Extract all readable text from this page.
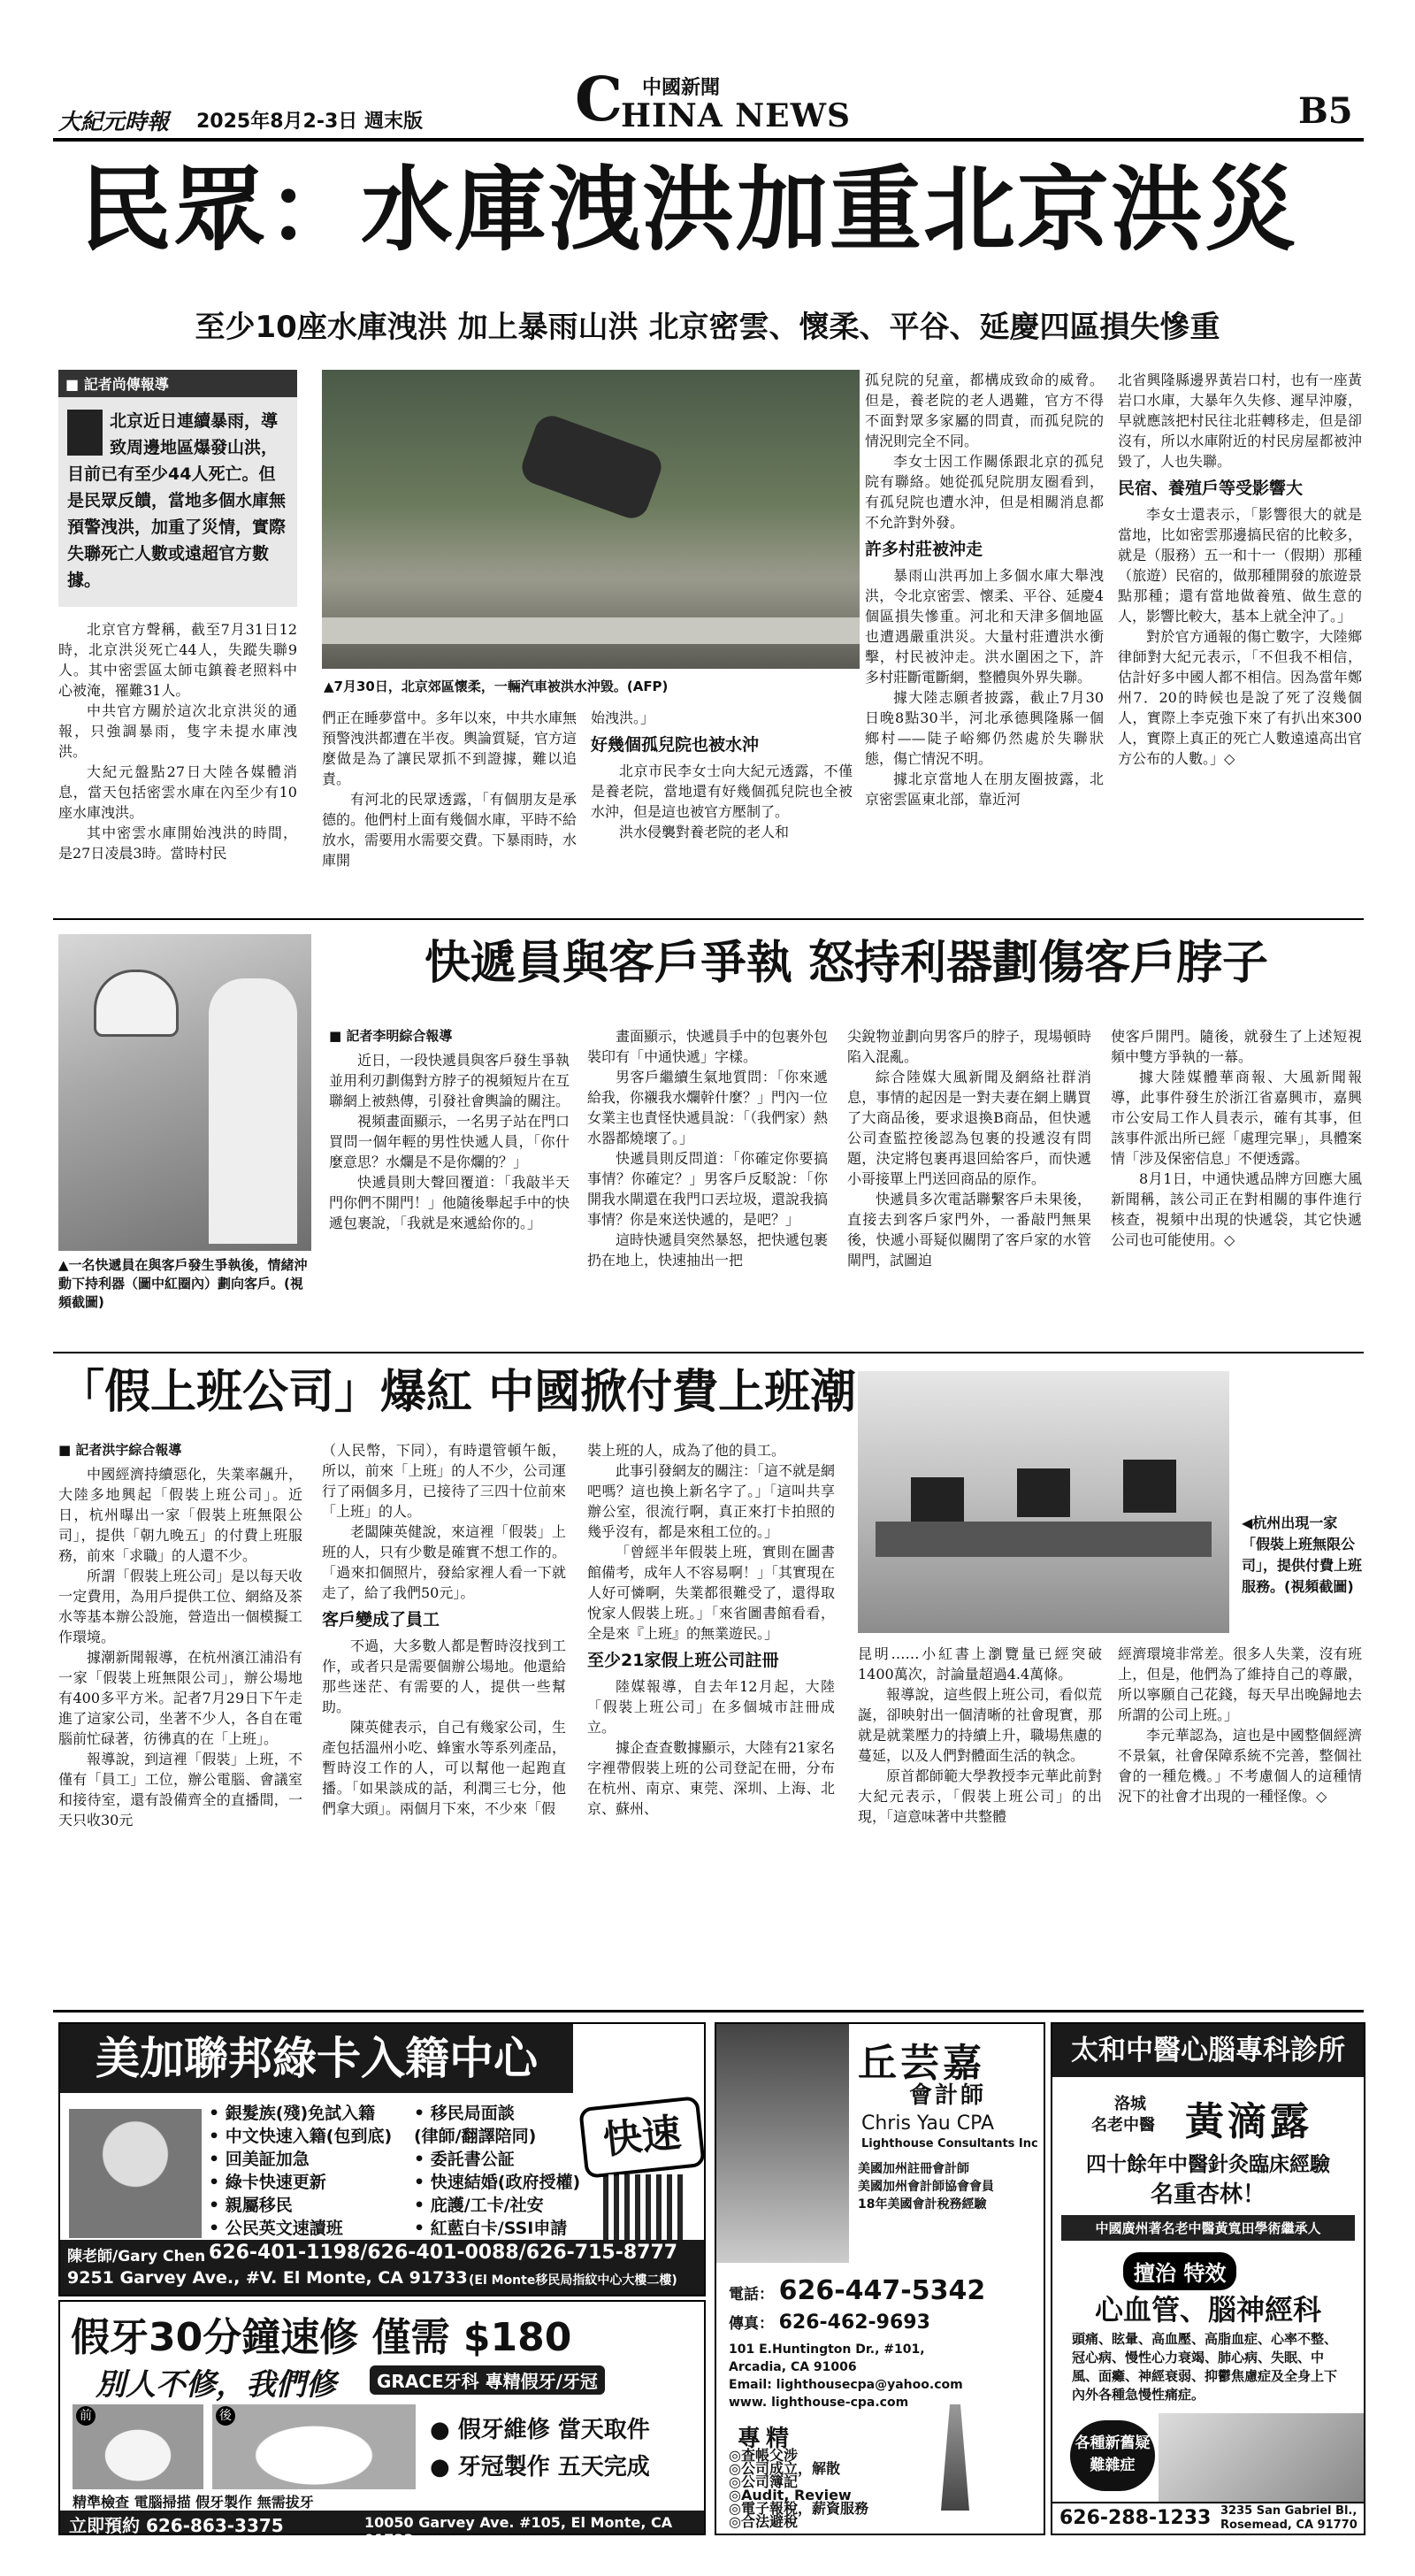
大紀元時報 2025年8月2-3日 週末版	C 中國新聞
HINA NEWS	B5
民眾：水庫洩洪加重北京洪災
至少10座水庫洩洪 加上暴雨山洪 北京密雲、懷柔、平谷、延慶四區損失慘重
■ 記者尚傳報導
北京近日連續暴雨，導致周邊地區爆發山洪，目前已有至少44人死亡。但是民眾反饋，當地多個水庫無預警洩洪，加重了災情，實際失聯死亡人數或遠超官方數據。
▲7月30日，北京郊區懷柔，一輛汽車被洪水沖毀。(AFP)

北京官方聲稱，截至7月31日12時，北京洪災死亡44人，失蹤失聯9人。其中密雲區太師屯鎮養老照料中心被淹，罹難31人。

中共官方關於這次北京洪災的通報，只強調暴雨，隻字未提水庫洩洪。

大紀元盤點27日大陸各媒體消息，當天包括密雲水庫在內至少有10座水庫洩洪。

其中密雲水庫開始洩洪的時間，是27日凌晨3時。當時村民

們正在睡夢當中。多年以來，中共水庫無預警洩洪都遭在半夜。輿論質疑，官方這麼做是為了讓民眾抓不到證據，難以追責。

有河北的民眾透露，「有個朋友是承德的。他們村上面有幾個水庫，平時不給放水，需要用水需要交費。下暴雨時，水庫開

始洩洪。」

好幾個孤兒院也被水沖

北京市民李女士向大紀元透露，不僅是養老院，當地還有好幾個孤兒院也全被水沖，但是這也被官方壓制了。

洪水侵襲對養老院的老人和

孤兒院的兒童，都構成致命的威脅。但是，養老院的老人遇難，官方不得不面對眾多家屬的問責，而孤兒院的情況則完全不同。

李女士因工作關係跟北京的孤兒院有聯絡。她從孤兒院朋友圈看到，有孤兒院也遭水沖，但是相關消息都不允許對外發。

許多村莊被沖走

暴雨山洪再加上多個水庫大舉洩洪，令北京密雲、懷柔、平谷、延慶4個區損失慘重。河北和天津多個地區也遭遇嚴重洪災。大量村莊遭洪水衝擊，村民被沖走。洪水圍困之下，許多村莊斷電斷網，整體與外界失聯。

據大陸志願者披露，截止7月30日晚8點30半，河北承德興隆縣一個鄉村——陡子峪鄉仍然處於失聯狀態，傷亡情況不明。

據北京當地人在朋友圈披露，北京密雲區東北部，靠近河

北省興隆縣邊界黃岩口村，也有一座黃岩口水庫，大暴年久失修、遲早沖廢，早就應該把村民往北莊轉移走，但是卻沒有，所以水庫附近的村民房屋都被沖毀了，人也失聯。

民宿、養殖戶等受影響大

李女士還表示，「影響很大的就是當地，比如密雲那邊搞民宿的比較多，就是（服務）五一和十一（假期）那種（旅遊）民宿的，做那種開發的旅遊景點那種；還有當地做養殖、做生意的人，影響比較大，基本上就全沖了。」

對於官方通報的傷亡數字，大陸鄉律師對大紀元表示，「不但我不相信，估計好多中國人都不相信。因為當年鄭州7．20的時候也是說了死了沒幾個人，實際上李克強下來了有扒出來300人，實際上真正的死亡人數遠遠高出官方公布的人數。」◇

▲一名快遞員在與客戶發生爭執後，情緒沖動下持利器（圖中紅圈內）劃向客戶。(視頻截圖)
快遞員與客戶爭執 怒持利器劃傷客戶脖子
■ 記者李明綜合報導

近日，一段快遞員與客戶發生爭執並用利刃劃傷對方脖子的視頻短片在互聯網上被熱傳，引發社會輿論的關注。

視頻畫面顯示，一名男子站在門口買問一個年輕的男性快遞人員，「你什麼意思？水爛是不是你爛的？」

快遞員則大聲回覆道：「我敲半天門你們不開門！」他隨後舉起手中的快遞包裹說，「我就是來遞給你的。」

畫面顯示，快遞員手中的包裹外包裝印有「中通快遞」字樣。

男客戶繼續生氣地質問：「你來遞給我，你襯我水爛幹什麼？」門內一位女業主也責怪快遞員說：「（我們家）熱水器都燒壞了。」

快遞員則反問道：「你確定你要搞事情？你確定？」男客戶反駁說：「你開我水閘還在我門口丟垃圾，還說我搞事情？你是來送快遞的，是吧？」

這時快遞員突然暴怒，把快遞包裹扔在地上，快速抽出一把

尖銳物並劃向男客戶的脖子，現場頓時陷入混亂。

綜合陸媒大風新聞及網絡社群消息，事情的起因是一對夫妻在網上購買了大商品後，要求退換B商品，但快遞公司查監控後認為包裹的投遞沒有問題，決定將包裹再退回給客戶，而快遞小哥接單上門送回商品的原作。

快遞員多次電話聯繫客戶未果後，直接去到客戶家門外，一番敲門無果後，快遞小哥疑似關閉了客戶家的水管閘門，試圖迫

使客戶開門。隨後，就發生了上述短視頻中雙方爭執的一幕。

據大陸媒體華商報、大風新聞報導，此事件發生於浙江省嘉興市，嘉興市公安局工作人員表示，確有其事，但該事件派出所已經「處理完畢」，具體案情「涉及保密信息」不便透露。

8月1日，中通快遞品牌方回應大風新聞稱，該公司正在對相關的事件進行核查，視頻中出現的快遞袋，其它快遞公司也可能使用。◇

「假上班公司」爆紅 中國掀付費上班潮
◀杭州出現一家「假裝上班無限公司」，提供付費上班服務。(視頻截圖)
■ 記者洪宇綜合報導

中國經濟持續惡化，失業率飆升，大陸多地興起「假裝上班公司」。近日，杭州曝出一家「假裝上班無限公司」，提供「朝九晚五」的付費上班服務，前來「求職」的人還不少。

所謂「假裝上班公司」是以每天收一定費用，為用戶提供工位、網絡及茶水等基本辦公設施，營造出一個模擬工作環境。

據潮新聞報導，在杭州濱江浦沿有一家「假裝上班無限公司」，辦公場地有400多平方米。記者7月29日下午走進了這家公司，坐著不少人，各自在電腦前忙碌著，彷彿真的在「上班」。

報導說，到這裡「假裝」上班，不僅有「員工」工位，辦公電腦、會議室和接待室，還有設備齊全的直播間，一天只收30元

（人民幣，下同），有時還管頓午飯，所以，前來「上班」的人不少，公司運行了兩個多月，已接待了三四十位前來「上班」的人。

老闆陳英健說，來這裡「假裝」上班的人，只有少數是確實不想工作的。「過來扣個照片，發給家裡人看一下就走了，給了我們50元」。

客戶變成了員工

不過，大多數人都是暫時沒找到工作，或者只是需要個辦公場地。他還給那些迷茫、有需要的人，提供一些幫助。

陳英健表示，自己有幾家公司，生產包括溫州小吃、蜂蜜水等系列產品，暫時沒工作的人，可以幫他一起跑直播。「如果談成的話，利潤三七分，他們拿大頭」。兩個月下來，不少來「假

裝上班的人，成為了他的員工。

此事引發網友的關注：「這不就是網吧嗎？這也換上新名字了。」「這叫共享辦公室，很流行啊，真正來打卡拍照的幾乎沒有，都是來租工位的。」

「曾經半年假裝上班，實則在圖書館備考，成年人不容易啊！」「其實現在人好可憐啊，失業都很難受了，還得取悅家人假裝上班。」「來省圖書館看看，全是來『上班』的無業遊民。」

至少21家假上班公司註冊

陸媒報導，自去年12月起，大陸「假裝上班公司」在多個城市註冊成立。

據企查查數據顯示，大陸有21家名字裡帶假裝上班的公司登記在冊，分布在杭州、南京、東莞、深圳、上海、北京、蘇州、

昆明……小紅書上瀏覽量已經突破1400萬次，討論量超過4.4萬條。

報導說，這些假上班公司，看似荒誕，卻映射出一個清晰的社會現實，那就是就業壓力的持續上升，職場焦慮的蔓延，以及人們對體面生活的執念。

原首都師範大學教授李元華此前對大紀元表示，「假裝上班公司」的出現，「這意味著中共整體

經濟環境非常差。很多人失業，沒有班上，但是，他們為了維持自己的尊嚴，所以寧願自己花錢，每天早出晚歸地去所謂的公司上班。」

李元華認為，這也是中國整個經濟不景氣，社會保障系統不完善，整個社會的一種危機。」不考慮個人的這種情況下的社會才出現的一種怪像。◇

美加聯邦綠卡入籍中心
快速
• 銀髮族(殘)免試入籍
• 中文快速入籍(包到底)
• 回美証加急
• 綠卡快速更新
• 親屬移民
• 公民英文速讀班
• 移民局面談
(律師/翻譯陪同)
• 委託書公証
• 快速結婚(政府授權)
• 庇護/工卡/社安
• 紅藍白卡/SSI申請
陳老師/Gary Chen 626-401-1198/626-401-0088/626-715-8777
9251 Garvey Ave., #V. El Monte, CA 91733 (El Monte移民局指紋中心大樓二樓)
假牙30分鐘速修 僅需 $180
別人不修，我們修	GRACE牙科 專精假牙/牙冠
前	後
● 假牙維修 當天取件
● 牙冠製作 五天完成
精準檢查 電腦掃描 假牙製作 無需拔牙
立即預約 626-863-3375	10050 Garvey Ave. #105, El Monte, CA 91733
丘芸嘉
會計師
Chris Yau CPA
Lighthouse Consultants Inc
美國加州註冊會計師
美國加州會計師協會會員
18年美國會計稅務經驗
電話： 626-447-5342
傳真： 626-462-9693
101 E.Huntington Dr., #101,
Arcadia, CA 91006
Email: lighthousecpa@yahoo.com
www. lighthouse-cpa.com
專精
◎查帳父涉
◎公司成立，解散
◎公司簿記
◎Audit, Review
◎電子報稅，薪資服務
◎合法避稅
太和中醫心腦專科診所
洛城
名老中醫 黃滴露
四十餘年中醫針灸臨床經驗
名重杏林！
中國廣州著名老中醫黃寬田學術繼承人
擅治 特效
心血管、腦神經科
頭痛、眩暈、高血壓、高脂血症、心率不整、冠心病、慢性心力衰竭、肺心病、失眠、中風、面癱、神經衰弱、抑鬱焦慮症及全身上下內外各種急慢性痛症。
各種新舊疑難雜症
626-288-1233 3235 San Gabriel Bl.,
Rosemead, CA 91770
